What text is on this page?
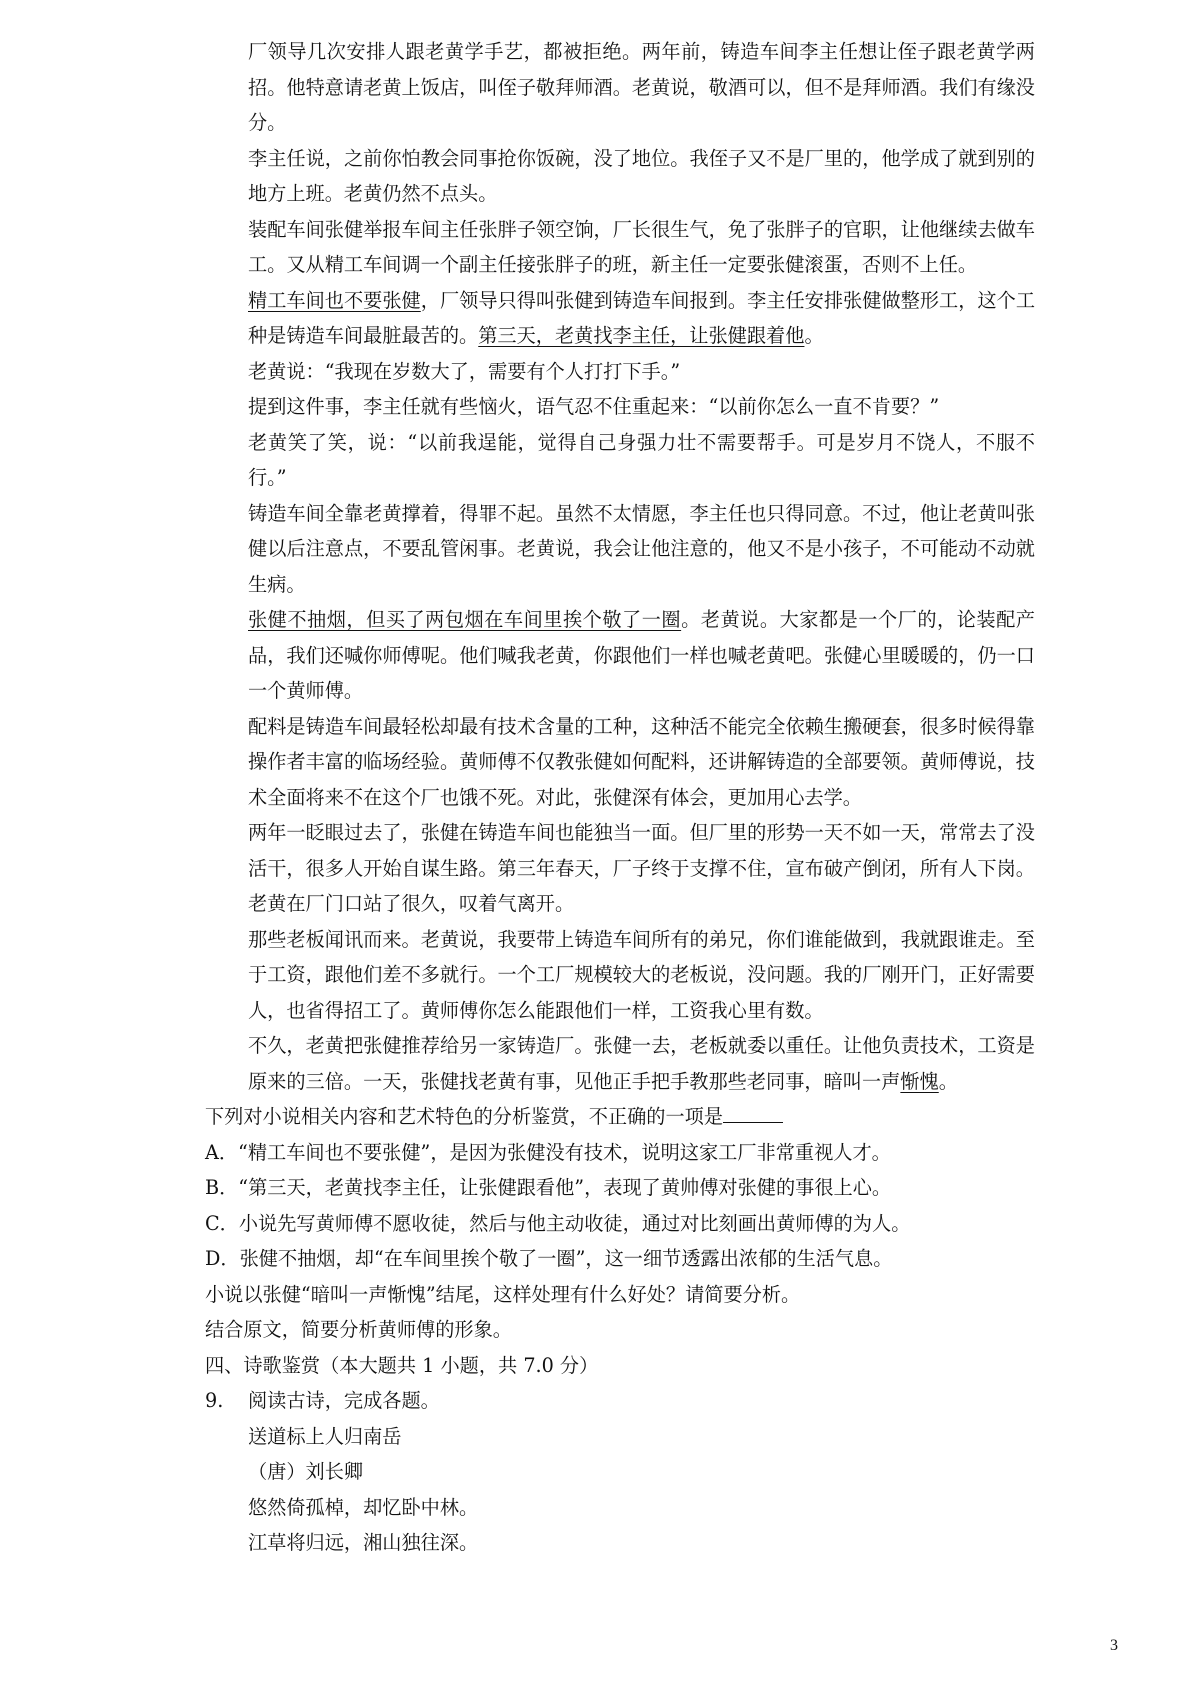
厂领导几次安排人跟老黄学手艺，都被拒绝。两年前，铸造车间李主任想让侄子跟老黄学两招。他特意请老黄上饭店，叫侄子敬拜师酒。老黄说，敬酒可以，但不是拜师酒。我们有缘没分。

李主任说，之前你怕教会同事抢你饭碗，没了地位。我侄子又不是厂里的，他学成了就到别的地方上班。老黄仍然不点头。

装配车间张健举报车间主任张胖子领空饷，厂长很生气，免了张胖子的官职，让他继续去做车工。又从精工车间调一个副主任接张胖子的班，新主任一定要张健滚蛋，否则不上任。

精工车间也不要张健，厂领导只得叫张健到铸造车间报到。李主任安排张健做整形工，这个工种是铸造车间最脏最苦的。第三天，老黄找李主任，让张健跟着他。

老黄说：“我现在岁数大了，需要有个人打打下手。”

提到这件事，李主任就有些恼火，语气忍不住重起来：“以前你怎么一直不肯要？”

老黄笑了笑，说：“以前我逞能，觉得自己身强力壮不需要帮手。可是岁月不饶人，不服不行。”

铸造车间全靠老黄撑着，得罪不起。虽然不太情愿，李主任也只得同意。不过，他让老黄叫张健以后注意点，不要乱管闲事。老黄说，我会让他注意的，他又不是小孩子，不可能动不动就生病。

张健不抽烟，但买了两包烟在车间里挨个敬了一圈。老黄说。大家都是一个厂的，论装配产品，我们还喊你师傅呢。他们喊我老黄，你跟他们一样也喊老黄吧。张健心里暖暖的，仍一口一个黄师傅。

配料是铸造车间最轻松却最有技术含量的工种，这种活不能完全依赖生搬硬套，很多时候得靠操作者丰富的临场经验。黄师傅不仅教张健如何配料，还讲解铸造的全部要领。黄师傅说，技术全面将来不在这个厂也饿不死。对此，张健深有体会，更加用心去学。

两年一眨眼过去了，张健在铸造车间也能独当一面。但厂里的形势一天不如一天，常常去了没活干，很多人开始自谋生路。第三年春天，厂子终于支撑不住，宣布破产倒闭，所有人下岗。老黄在厂门口站了很久，叹着气离开。

那些老板闻讯而来。老黄说，我要带上铸造车间所有的弟兄，你们谁能做到，我就跟谁走。至于工资，跟他们差不多就行。一个工厂规模较大的老板说，没问题。我的厂刚开门，正好需要人，也省得招工了。黄师傅你怎么能跟他们一样，工资我心里有数。

不久，老黄把张健推荐给另一家铸造厂。张健一去，老板就委以重任。让他负责技术，工资是原来的三倍。一天，张健找老黄有事，见他正手把手教那些老同事，暗叫一声惭愧。

下列对小说相关内容和艺术特色的分析鉴赏，不正确的一项是

A．“精工车间也不要张健”，是因为张健没有技术，说明这家工厂非常重视人才。

B．“第三天，老黄找李主任，让张健跟看他”，表现了黄帅傅对张健的事很上心。

C．小说先写黄师傅不愿收徒，然后与他主动收徒，通过对比刻画出黄师傅的为人。

D．张健不抽烟，却“在车间里挨个敬了一圈”，这一细节透露出浓郁的生活气息。

小说以张健“暗叫一声惭愧”结尾，这样处理有什么好处？请简要分析。

结合原文，简要分析黄师傅的形象。

四、诗歌鉴赏（本大题共 1 小题，共 7.0 分）

9. 阅读古诗，完成各题。

送道标上人归南岳

（唐）刘长卿

悠然倚孤棹，却忆卧中林。

江草将归远，湘山独往深。

3
